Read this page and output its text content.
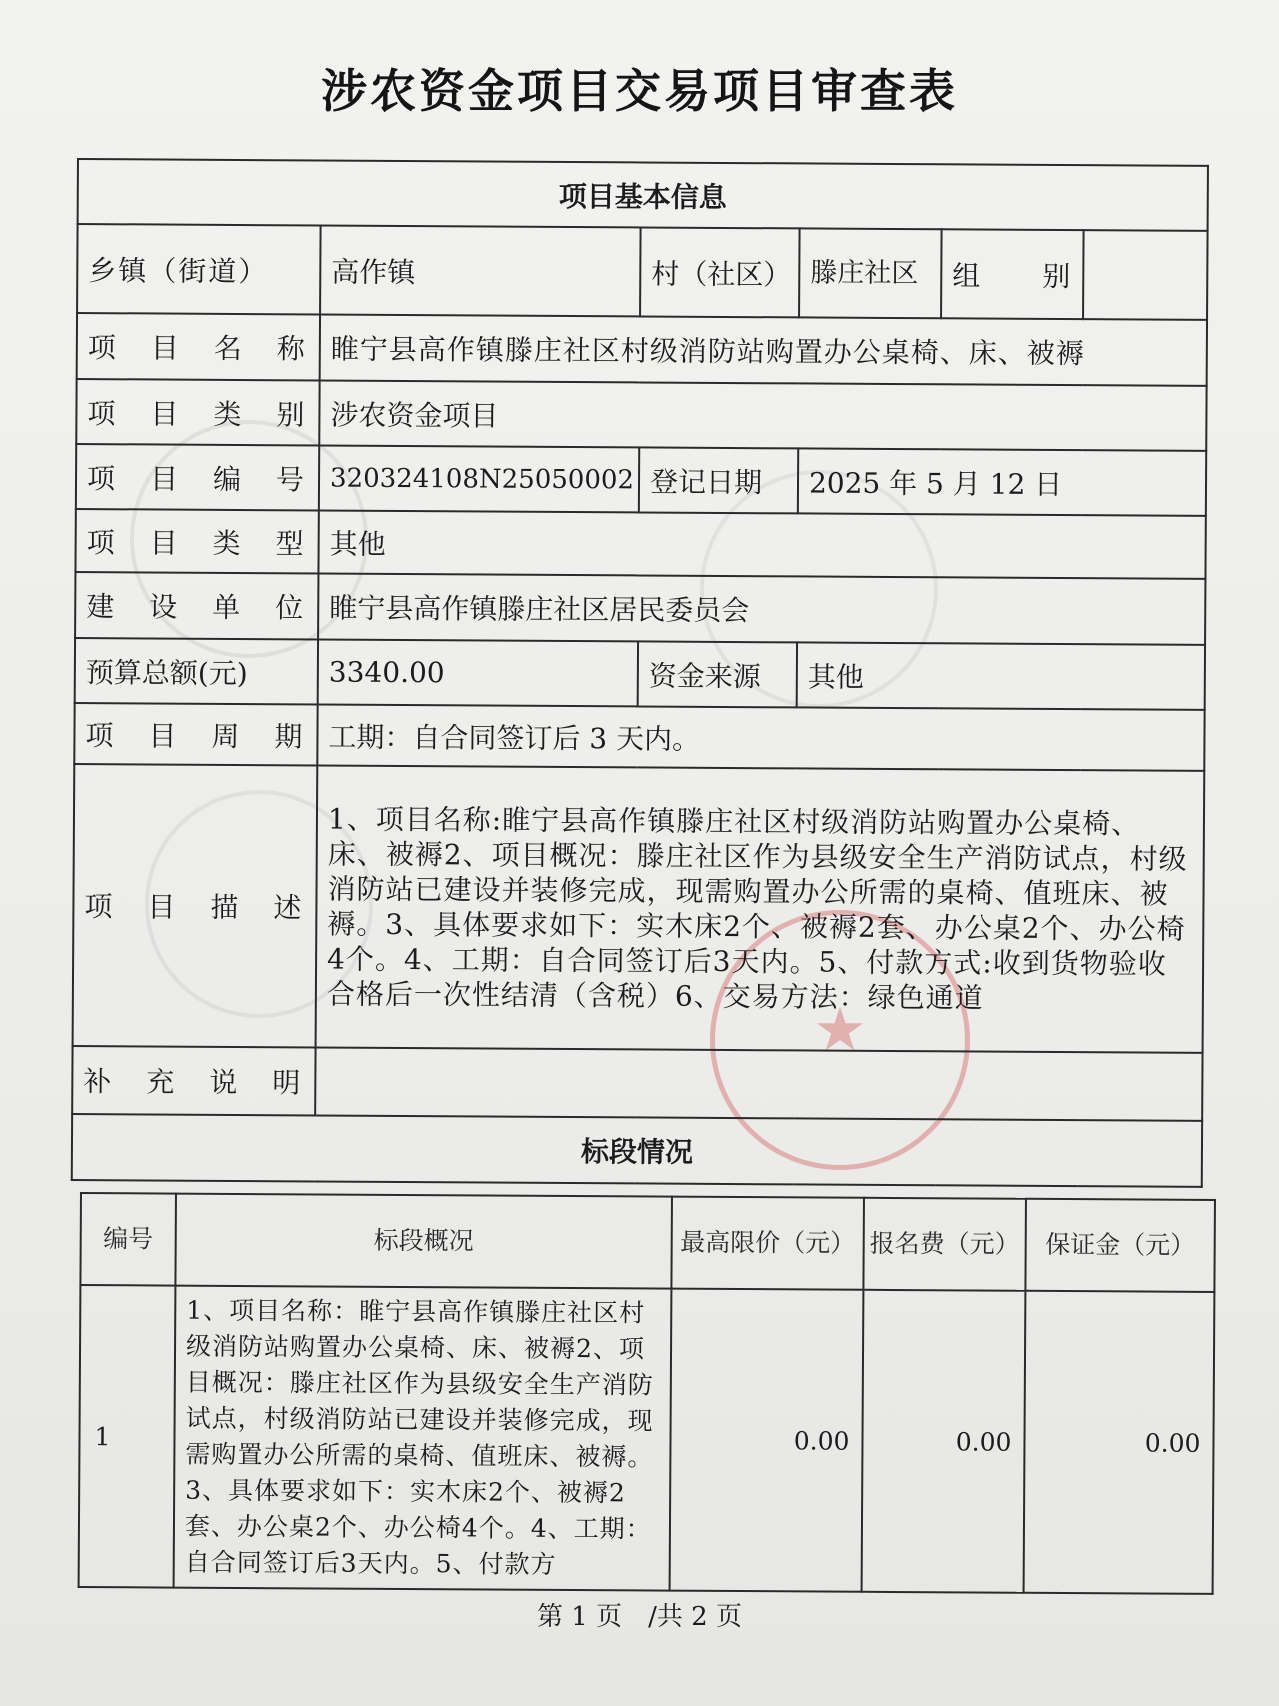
★
涉农资金项目交易项目审查表
项目基本信息					
乡镇（街道）	高作镇	村（社区）	滕庄社区	组　　别	

项 目 名 称	睢宁县高作镇滕庄社区村级消防站购置办公桌椅、床、被褥				

项 目 类 别	涉农资金项目				

项 目 编 号	320324108N25050002	登记日期	2025 年 5 月 12 日		

项 目 类 型	其他				

建 设 单 位	睢宁县高作镇滕庄社区居民委员会				
预算总额(元)	3340.00	资金来源	其他		

项 目 周 期	工期：自合同签订后 3 天内。				

项 目 描 述	1、项目名称:睢宁县高作镇滕庄社区村级消防站购置办公桌椅、床、被褥2、项目概况：滕庄社区作为县级安全生产消防试点，村级消防站已建设并装修完成，现需购置办公所需的桌椅、值班床、被褥。3、具体要求如下：实木床2个、被褥2套、办公桌2个、办公椅4个。4、工期：自合同签订后3天内。5、付款方式:收到货物验收合格后一次性结清（含税）6、交易方法：绿色通道				

补 充 说 明					

标段情况					
编号	标段概况	最高限价（元）	报名费（元）	保证金（元）
1	1、项目名称：睢宁县高作镇滕庄社区村级消防站购置办公桌椅、床、被褥2、项目概况：滕庄社区作为县级安全生产消防试点，村级消防站已建设并装修完成，现需购置办公所需的桌椅、值班床、被褥。3、具体要求如下：实木床2个、被褥2套、办公桌2个、办公椅4个。4、工期：自合同签订后3天内。5、付款方	0.00	0.00	0.00
第 1 页　/共 2 页
